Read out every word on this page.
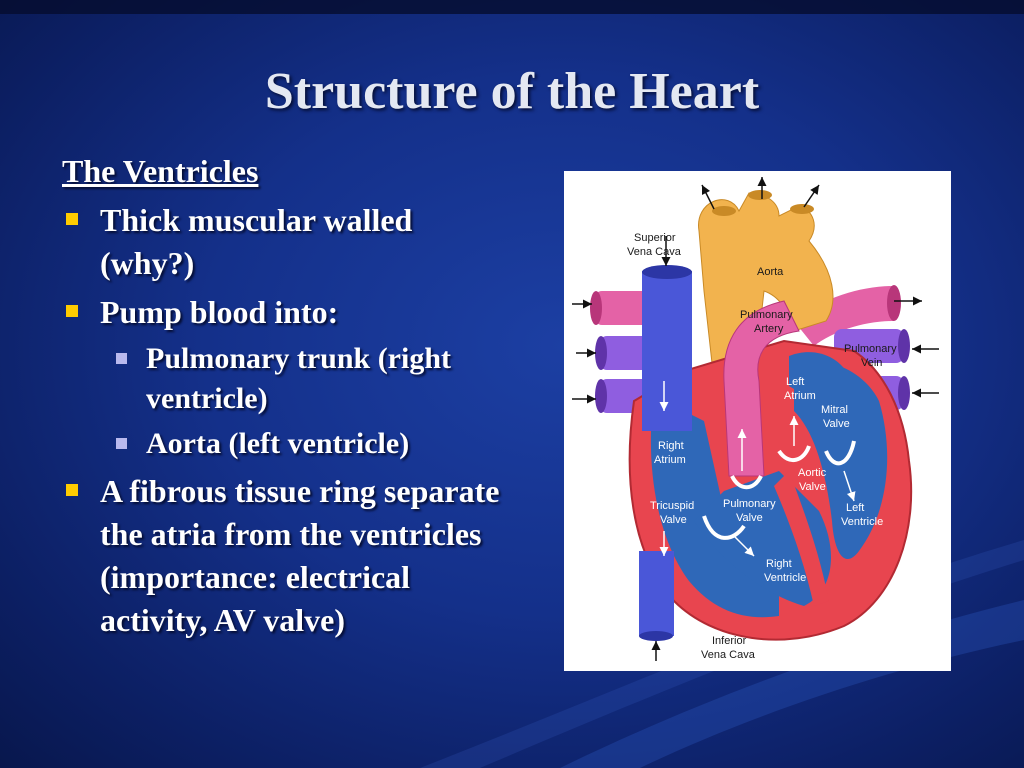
Structure of the Heart
The Ventricles
Thick muscular walled (why?)
Pump blood into:
Pulmonary trunk (right ventricle)
Aorta (left ventricle)
A fibrous tissue ring separate the atria from the ventricles (importance: electrical activity, AV valve)
Superior Vena Cava
Aorta
Pulmonary Artery
Pulmonary Vein
Left Atrium
Mitral Valve
Right Atrium
Aortic Valve
Tricuspid Valve
Pulmonary Valve
Left Ventricle
Right Ventricle
Inferior Vena Cava
